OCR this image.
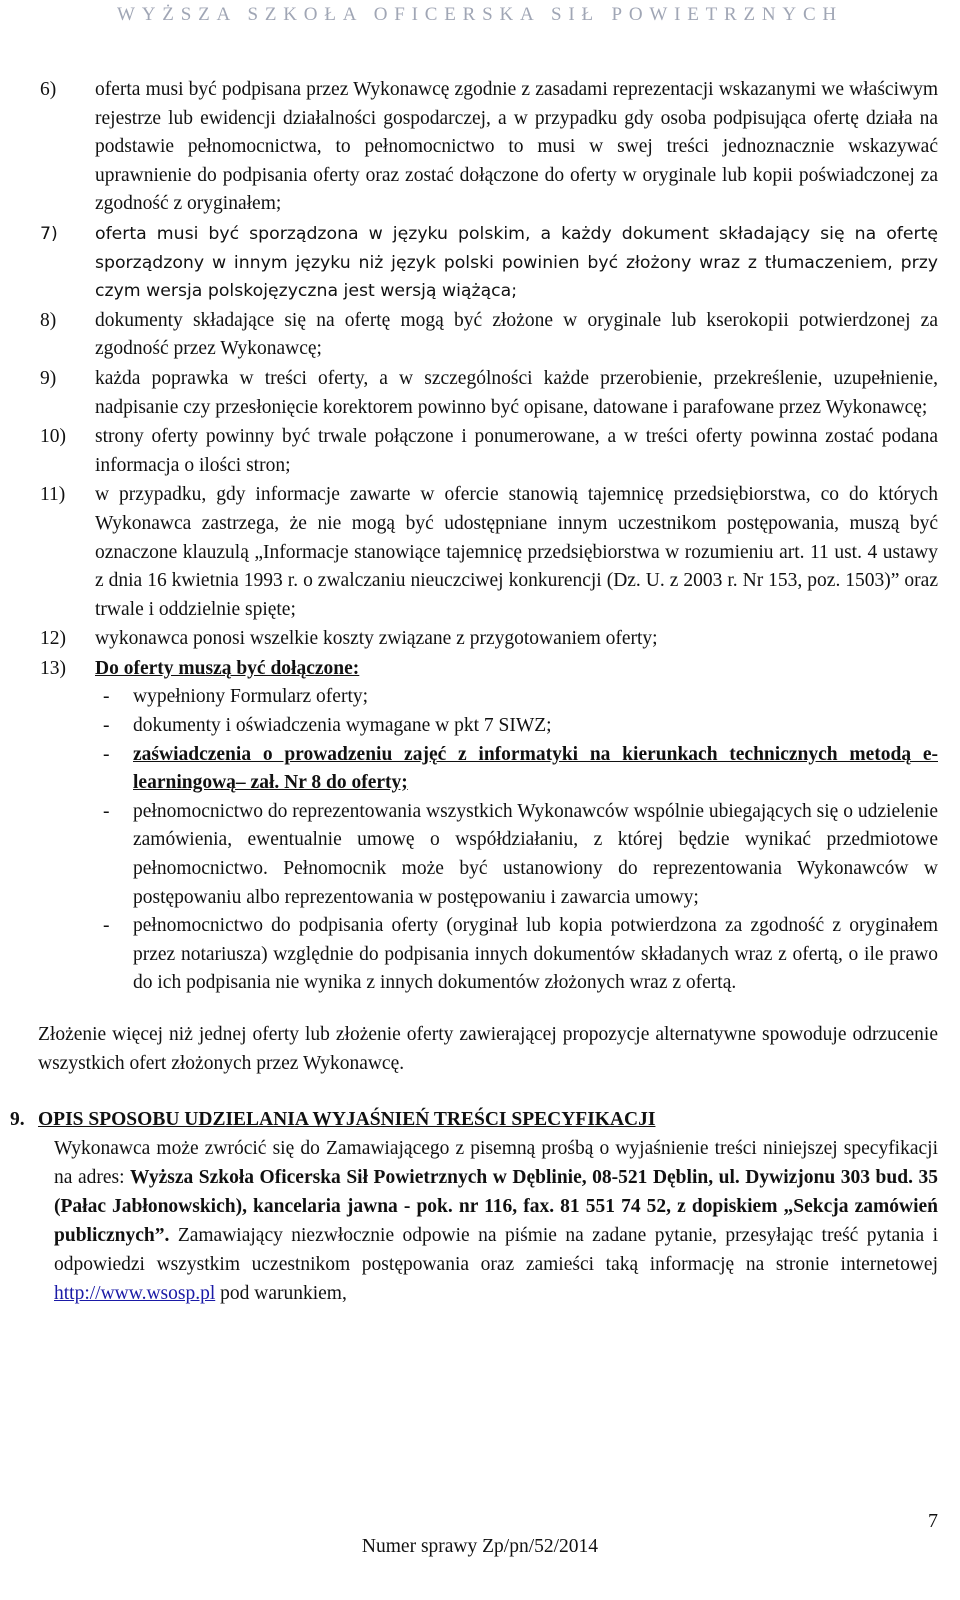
WYŻSZA SZKOŁA OFICERSKA SIŁ POWIETRZNYCH
6) oferta musi być podpisana przez Wykonawcę zgodnie z zasadami reprezentacji wskazanymi we właściwym rejestrze lub ewidencji działalności gospodarczej, a w przypadku gdy osoba podpisująca ofertę działa na podstawie pełnomocnictwa, to pełnomocnictwo to musi w swej treści jednoznacznie wskazywać uprawnienie do podpisania oferty oraz zostać dołączone do oferty w oryginale lub kopii poświadczonej za zgodność z oryginałem;
7) oferta musi być sporządzona w języku polskim, a każdy dokument składający się na ofertę sporządzony w innym języku niż język polski powinien być złożony wraz z tłumaczeniem, przy czym wersja polskojęzyczna jest wersją wiążąca;
8) dokumenty składające się na ofertę mogą być złożone w oryginale lub kserokopii potwierdzonej za zgodność przez Wykonawcę;
9) każda poprawka w treści oferty, a w szczególności każde przerobienie, przekreślenie, uzupełnienie, nadpisanie czy przesłonięcie korektorem powinno być opisane, datowane i parafowane przez Wykonawcę;
10) strony oferty powinny być trwale połączone i ponumerowane, a w treści oferty powinna zostać podana informacja o ilości stron;
11) w przypadku, gdy informacje zawarte w ofercie stanowią tajemnicę przedsiębiorstwa, co do których Wykonawca zastrzega, że nie mogą być udostępniane innym uczestnikom postępowania, muszą być oznaczone klauzulą „Informacje stanowiące tajemnicę przedsiębiorstwa w rozumieniu art. 11 ust. 4 ustawy z dnia 16 kwietnia 1993 r. o zwalczaniu nieuczciwej konkurencji (Dz. U. z 2003 r. Nr 153, poz. 1503)” oraz trwale i oddzielnie spięte;
12) wykonawca ponosi wszelkie koszty związane z przygotowaniem oferty;
13) Do oferty muszą być dołączone:
- wypełniony Formularz oferty;
- dokumenty i oświadczenia wymagane w pkt 7 SIWZ;
- zaświadczenia o prowadzeniu zajęć z informatyki na kierunkach technicznych metodą e-learningową– zał. Nr 8 do oferty;
- pełnomocnictwo do reprezentowania wszystkich Wykonawców wspólnie ubiegających się o udzielenie zamówienia, ewentualnie umowę o współdziałaniu, z której będzie wynikać przedmiotowe pełnomocnictwo. Pełnomocnik może być ustanowiony do reprezentowania Wykonawców w postępowaniu albo reprezentowania w postępowaniu i zawarcia umowy;
- pełnomocnictwo do podpisania oferty (oryginał lub kopia potwierdzona za zgodność z oryginałem przez notariusza) względnie do podpisania innych dokumentów składanych wraz z ofertą, o ile prawo do ich podpisania nie wynika z innych dokumentów złożonych wraz z ofertą.
Złożenie więcej niż jednej oferty lub złożenie oferty zawierającej propozycje alternatywne spowoduje odrzucenie wszystkich ofert złożonych przez Wykonawcę.
9. OPIS SPOSOBU UDZIELANIA WYJAŚNIEŃ TREŚCI SPECYFIKACJI
Wykonawca może zwrócić się do Zamawiającego z pisemną prośbą o wyjaśnienie treści niniejszej specyfikacji na adres: Wyższa Szkoła Oficerska Sił Powietrznych w Dęblinie, 08-521 Dęblin, ul. Dywizjonu 303 bud. 35 (Pałac Jabłonowskich), kancelaria jawna - pok. nr 116, fax. 81 551 74 52, z dopiskiem „Sekcja zamówień publicznych”. Zamawiający niezwłocznie odpowie na piśmie na zadane pytanie, przesyłając treść pytania i odpowiedzi wszystkim uczestnikom postępowania oraz zamieści taką informację na stronie internetowej http://www.wsosp.pl pod warunkiem,
7
Numer sprawy Zp/pn/52/2014
